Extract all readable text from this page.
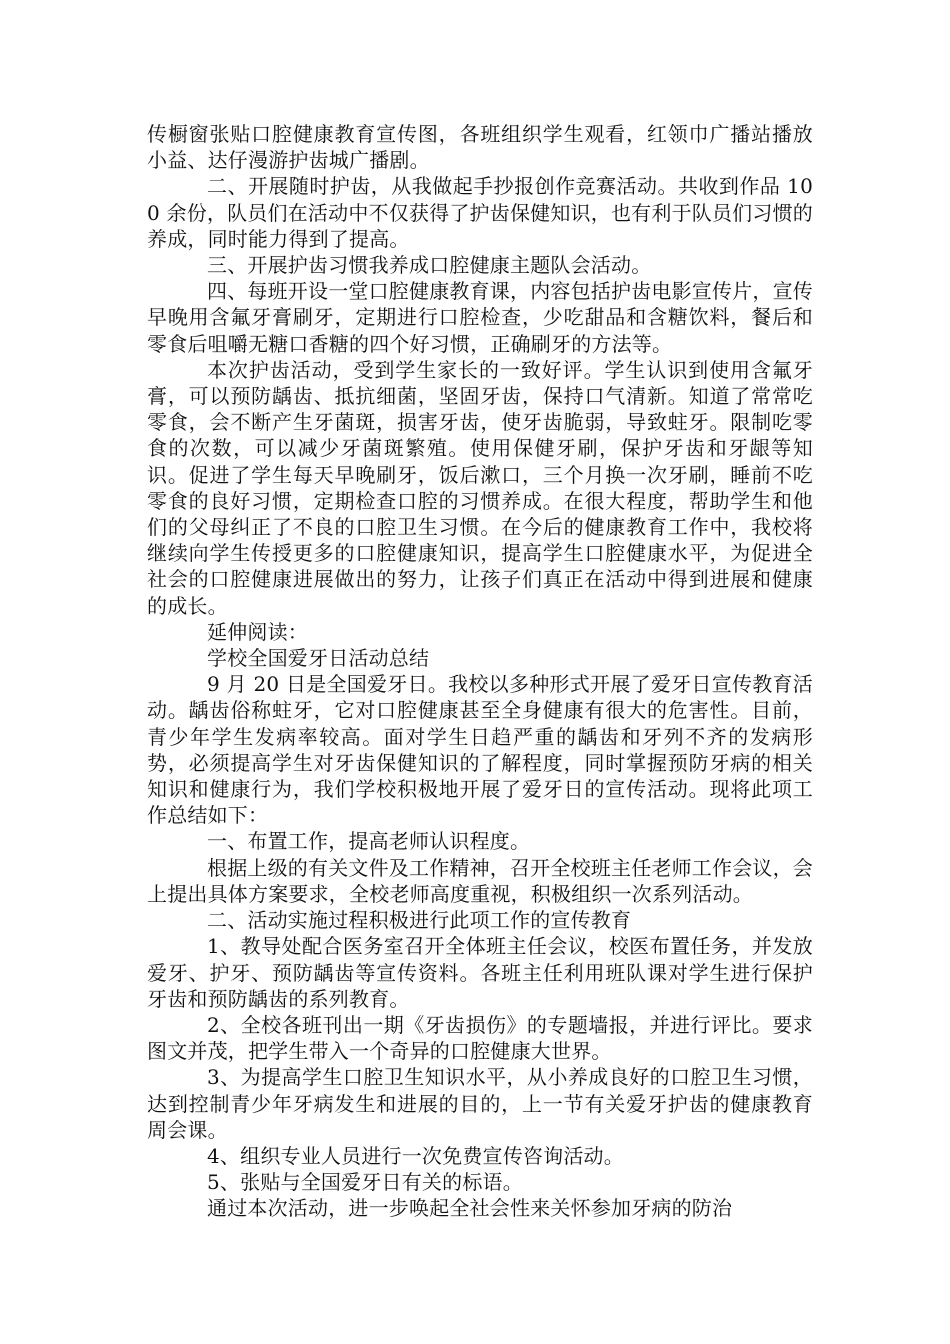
传橱窗张贴口腔健康教育宣传图，各班组织学生观看，红领巾广播站播放小益、达仔漫游护齿城广播剧。

二、开展随时护齿，从我做起手抄报创作竞赛活动。共收到作品 100 余份，队员们在活动中不仅获得了护齿保健知识，也有利于队员们习惯的养成，同时能力得到了提高。

三、开展护齿习惯我养成口腔健康主题队会活动。

四、每班开设一堂口腔健康教育课，内容包括护齿电影宣传片，宣传早晚用含氟牙膏刷牙，定期进行口腔检查，少吃甜品和含糖饮料，餐后和零食后咀嚼无糖口香糖的四个好习惯，正确刷牙的方法等。

本次护齿活动，受到学生家长的一致好评。学生认识到使用含氟牙膏，可以预防龋齿、抵抗细菌，坚固牙齿，保持口气清新。知道了常常吃零食，会不断产生牙菌斑，损害牙齿，使牙齿脆弱，导致蛀牙。限制吃零食的次数，可以减少牙菌斑繁殖。使用保健牙刷，保护牙齿和牙龈等知识。促进了学生每天早晚刷牙，饭后漱口，三个月换一次牙刷，睡前不吃零食的良好习惯，定期检查口腔的习惯养成。在很大程度，帮助学生和他们的父母纠正了不良的口腔卫生习惯。在今后的健康教育工作中，我校将继续向学生传授更多的口腔健康知识，提高学生口腔健康水平，为促进全社会的口腔健康进展做出的努力，让孩子们真正在活动中得到进展和健康的成长。

延伸阅读：

学校全国爱牙日活动总结

9 月 20 日是全国爱牙日。我校以多种形式开展了爱牙日宣传教育活动。龋齿俗称蛀牙，它对口腔健康甚至全身健康有很大的危害性。目前，青少年学生发病率较高。面对学生日趋严重的龋齿和牙列不齐的发病形势，必须提高学生对牙齿保健知识的了解程度，同时掌握预防牙病的相关知识和健康行为，我们学校积极地开展了爱牙日的宣传活动。现将此项工作总结如下：

一、布置工作，提高老师认识程度。

根据上级的有关文件及工作精神，召开全校班主任老师工作会议，会上提出具体方案要求，全校老师高度重视，积极组织一次系列活动。

二、活动实施过程积极进行此项工作的宣传教育

1、教导处配合医务室召开全体班主任会议，校医布置任务，并发放爱牙、护牙、预防龋齿等宣传资料。各班主任利用班队课对学生进行保护牙齿和预防龋齿的系列教育。

2、全校各班刊出一期《牙齿损伤》的专题墙报，并进行评比。要求图文并茂，把学生带入一个奇异的口腔健康大世界。

3、为提高学生口腔卫生知识水平，从小养成良好的口腔卫生习惯，达到控制青少年牙病发生和进展的目的，上一节有关爱牙护齿的健康教育周会课。

4、组织专业人员进行一次免费宣传咨询活动。

5、张贴与全国爱牙日有关的标语。

通过本次活动，进一步唤起全社会性来关怀参加牙病的防治
